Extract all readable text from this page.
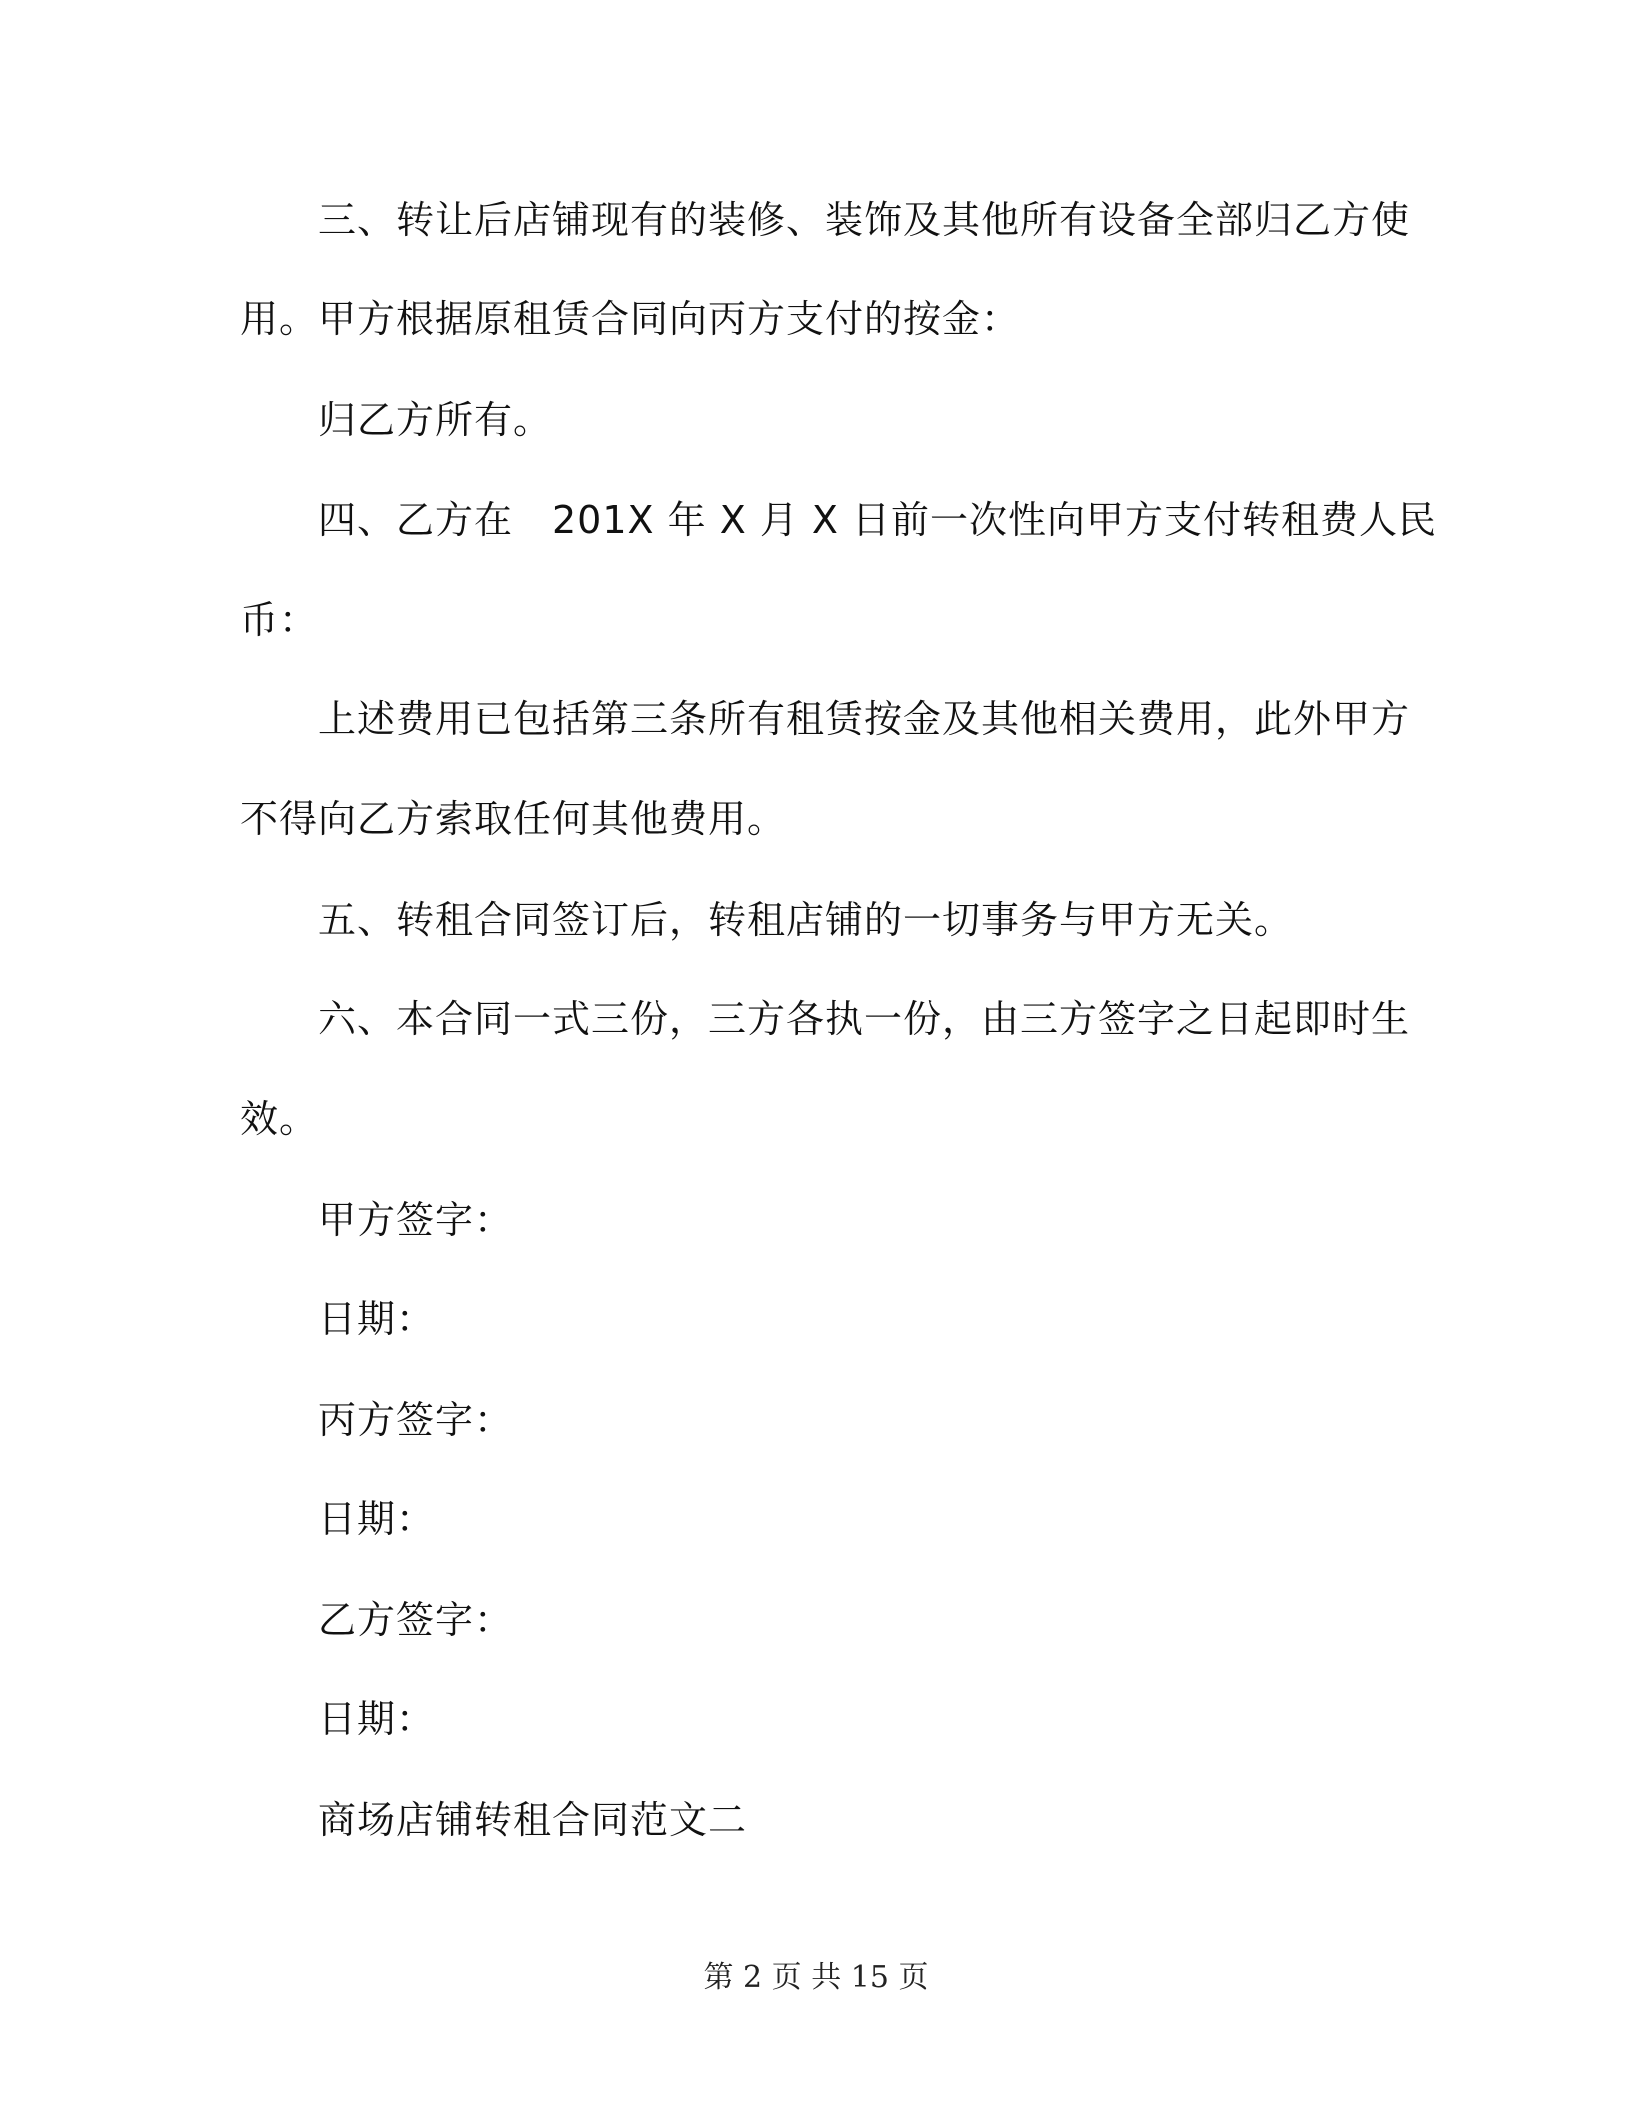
三、转让后店铺现有的装修、装饰及其他所有设备全部归乙方使
用。甲方根据原租赁合同向丙方支付的按金：
归乙方所有。
四、乙方在　201X 年 X 月 X 日前一次性向甲方支付转租费人民
币：
上述费用已包括第三条所有租赁按金及其他相关费用，此外甲方
不得向乙方索取任何其他费用。
五、转租合同签订后，转租店铺的一切事务与甲方无关。
六、本合同一式三份，三方各执一份，由三方签字之日起即时生
效。
甲方签字：
日期：
丙方签字：
日期：
乙方签字：
日期：
商场店铺转租合同范文二
第 2 页 共 15 页
